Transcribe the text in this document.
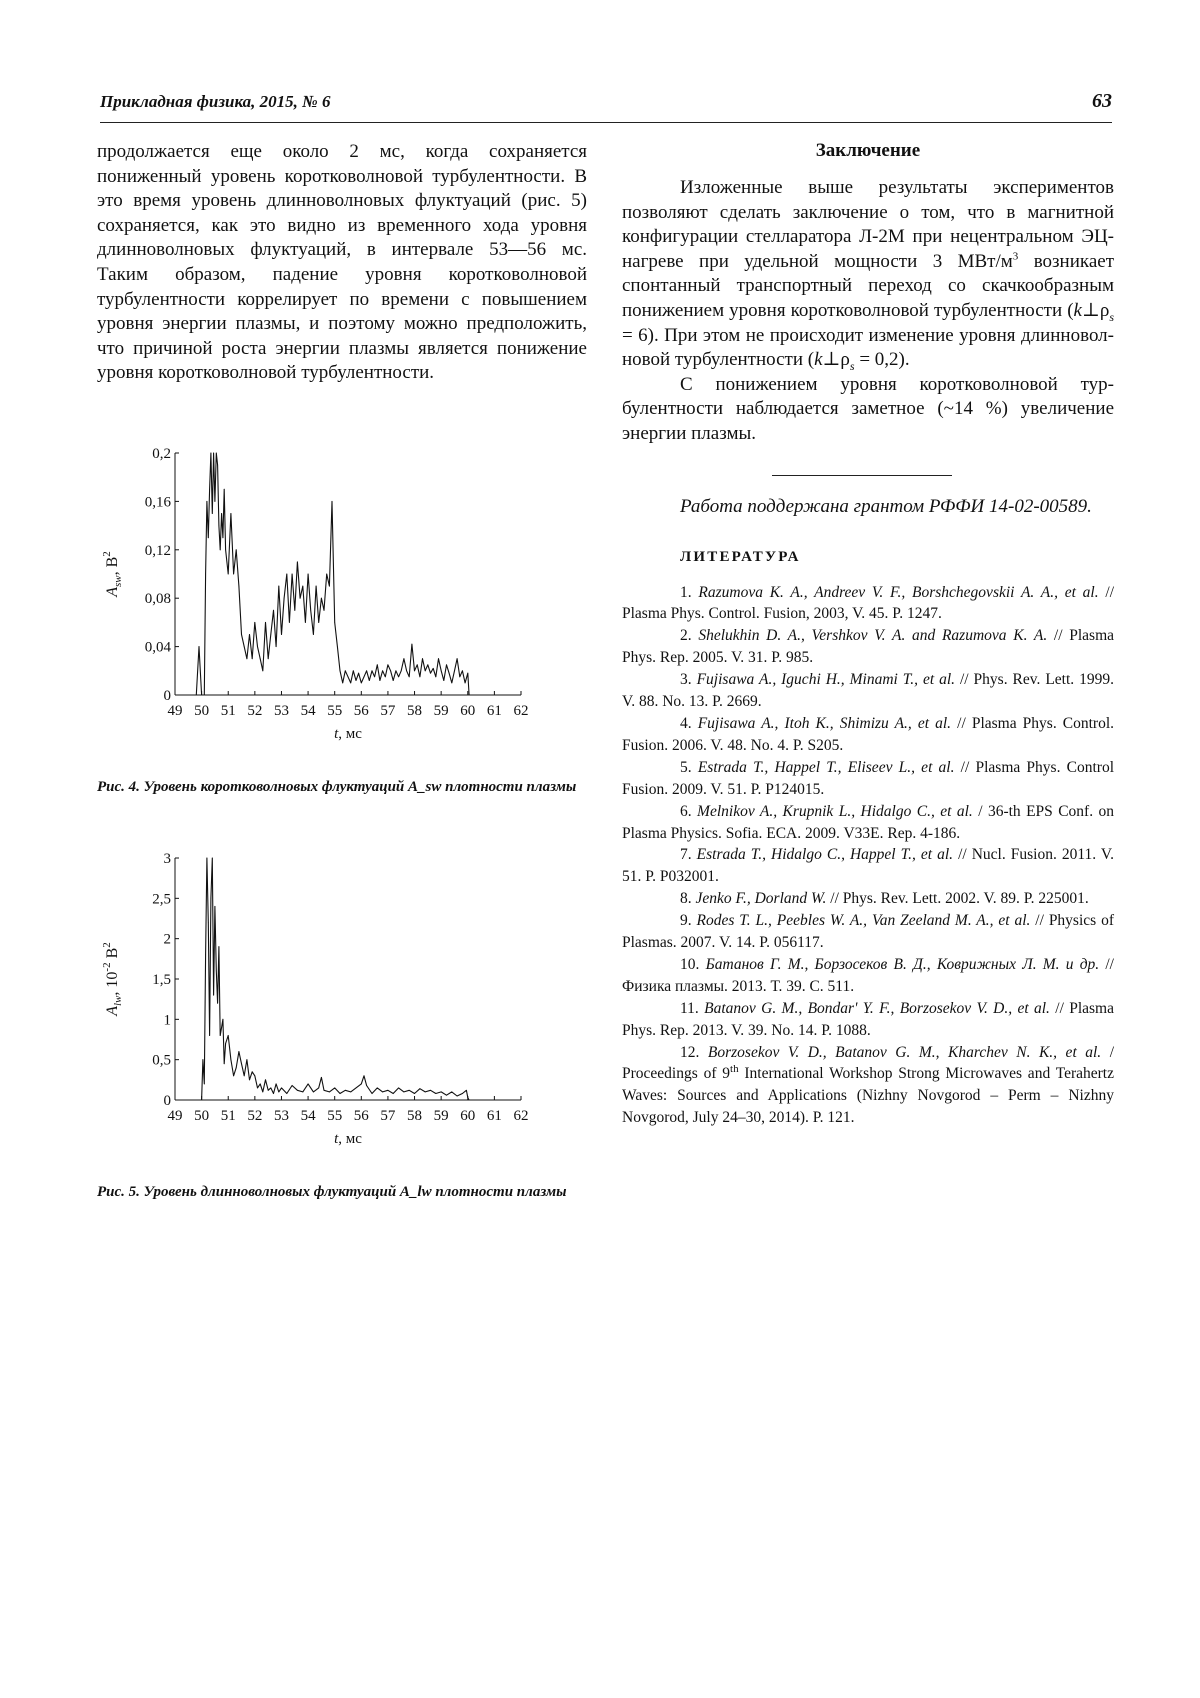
Прикладная физика, 2015, № 6	63

продолжается еще около 2 мс, когда сохраняется пониженный уровень коротковолновой турбулентности. В это время уровень длинноволновых флуктуаций (рис. 5) сохраняется, как это видно из временного хода уровня длинноволновых флуктуаций, в интервале 53—56 мс. Таким образом, падение уровня коротковолновой турбулентности коррелирует по времени с повышением уровня энергии плазмы, и поэтому можно предположить, что причиной роста энергии плазмы является понижение уровня коротковолновой турбулентности.

49 50 51 52 53 54 55 56 57 58 59 60 61 62
0
0,04
0,08
0,12
0,16
0,2
t, мс
$A_{sw}$, $В^2$
Рис. 4. Уровень коротковолновых флуктуаций A_sw плотности плазмы
49 50 51 52 53 54 55 56 57 58 59 60 61 62
0
0,5
1
1,5
2
2,5
3
t, мс
$A_{lw}$, $10^{-2}$ $В^2$
Рис. 5. Уровень длинноволновых флуктуаций A_lw плотности плазмы

Заключение

Изложенные выше результаты экспериментов позволяют сделать заключение о том, что в магнитной конфигурации стелларатора Л-2М при нецентральном ЭЦ-нагреве при удельной мощности 3 МВт/$м^3$ возникает спонтанный транспортный переход со скачкообразным понижением уровня коротковолновой турбулентности $(k\perp\rho_s = 6)$. При этом не происходит изменение уровня длинноволновой турбулентности $(k\perp\rho_s = 0,2)$.

С понижением уровня коротковолновой турбулентности наблюдается заметное (~14 %) увеличение энергии плазмы.

Работа поддержана грантом РФФИ 14-02-00589.

ЛИТЕРАТУРА

1. Razumova K. A., Andreev V. F., Borshchegovskii A. A., et al. // Plasma Phys. Control. Fusion, 2003, V. 45. P. 1247.

2. Shelukhin D. A., Vershkov V. A. and Razumova K. A. // Plasma Phys. Rep. 2005. V. 31. P. 985.

3. Fujisawa A., Iguchi H., Minami T., et al. // Phys. Rev. Lett. 1999. V. 88. No. 13. P. 2669.

4. Fujisawa A., Itoh K., Shimizu A., et al. // Plasma Phys. Control. Fusion. 2006. V. 48. No. 4. P. S205.

5. Estrada T., Happel T., Eliseev L., et al. // Plasma Phys. Control Fusion. 2009. V. 51. P. P124015.

6. Melnikov A., Krupnik L., Hidalgo C., et al. / 36-th EPS Conf. on Plasma Physics. Sofia. ECA. 2009. V33E. Rep. 4-186.

7. Estrada T., Hidalgo C., Happel T., et al. // Nucl. Fusion. 2011. V. 51. P. P032001.

8. Jenko F., Dorland W. // Phys. Rev. Lett. 2002. V. 89. P. 225001.

9. Rodes T. L., Peebles W. A., Van Zeeland M. A., et al. // Physics of Plasmas. 2007. V. 14. P. 056117.

10. Батанов Г. М., Борзосеков В. Д., Коврижных Л. М. и др. // Физика плазмы. 2013. Т. 39. С. 511.

11. Batanov G. M., Bondar' Y. F., Borzosekov V. D., et al. // Plasma Phys. Rep. 2013. V. 39. No. 14. P. 1088.

12. Borzosekov V. D., Batanov G. M., Kharchev N. K., et al. / Proceedings of 9th International Workshop Strong Microwaves and Terahertz Waves: Sources and Applications (Nizhny Novgorod – Perm – Nizhny Novgorod, July 24–30, 2014). P. 121.
